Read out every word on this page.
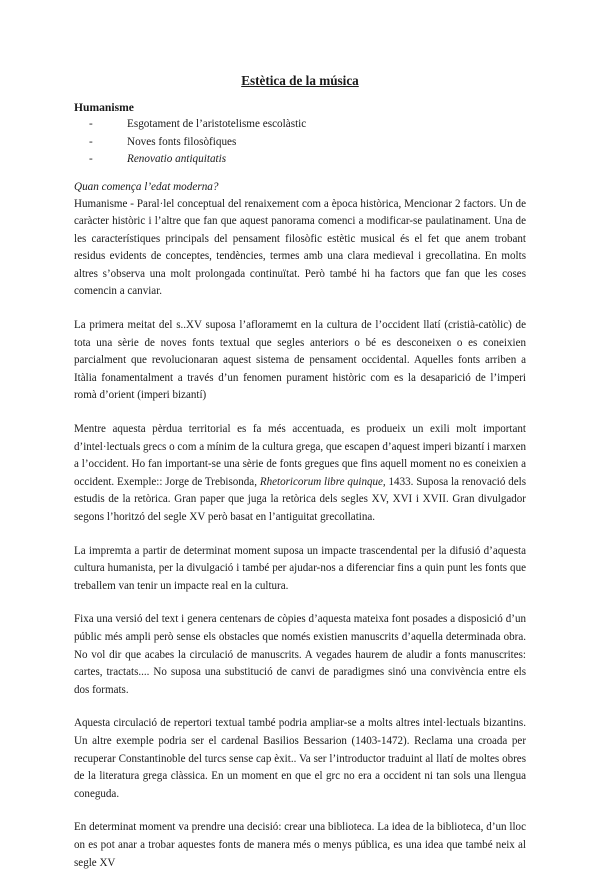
Estètica de la música
Humanisme
-	Esgotament de l’aristotelisme escolàstic
-	Noves fonts filosòfiques
-	Renovatio antiquitatis
Quan comença l’edat moderna?

Humanisme - Paral·lel conceptual del renaixement com a època històrica, Mencionar 2 factors. Un de caràcter històric i l’altre que fan que aquest panorama comenci a modificar-se paulatinament. Una de les característiques principals del pensament filosòfic estètic musical és el fet que anem trobant residus evidents de conceptes, tendències, termes amb una clara medieval i grecollatina. En molts altres s’observa una molt prolongada continuïtat. Però també hi ha factors que fan que les coses comencin a canviar.

La primera meitat del s..XV suposa l’afloramemt en la cultura de l’occident llatí (cristià-catòlic) de tota una sèrie de noves fonts textual que segles anteriors o bé es desconeixen o es coneixien parcialment que revolucionaran aquest sistema de pensament occidental. Aquelles fonts arriben a Itàlia fonamentalment a través d’un fenomen purament històric com es la desaparició de l’imperi romà d’orient (imperi bizantí)

Mentre aquesta pèrdua territorial es fa més accentuada, es produeix un exili molt important d’intel·lectuals grecs o com a mínim de la cultura grega, que escapen d’aquest imperi bizantí i marxen a l’occident. Ho fan important-se una sèrie de fonts gregues que fins aquell moment no es coneixien a occident. Exemple:: Jorge de Trebisonda, Rhetoricorum libre quinque, 1433. Suposa la renovació dels estudis de la retòrica. Gran paper que juga la retòrica dels segles XV, XVI i XVII. Gran divulgador segons l’horitzó del segle XV però basat en l’antiguitat grecollatina.

La impremta a partir de determinat moment suposa un impacte trascendental per la difusió d’aquesta cultura humanista, per la divulgació i també per ajudar-nos a diferenciar fins a quin punt les fonts que treballem van tenir un impacte real en la cultura.

Fixa una versió del text i genera centenars de còpies d’aquesta mateixa font posades a disposició d’un públic més ampli però sense els obstacles que només existien manuscrits d’aquella determinada obra. No vol dir que acabes la circulació de manuscrits. A vegades haurem de aludir a fonts manuscrites: cartes, tractats.... No suposa una substitució de canvi de paradigmes sinó una convivència entre els dos formats.

Aquesta circulació de repertori textual també podria ampliar-se a molts altres intel·lectuals bizantins. Un altre exemple podria ser el cardenal Basilios Bessarion (1403-1472). Reclama una croada per recuperar Constantinoble del turcs sense cap èxit.. Va ser l’introductor traduint al llatí de moltes obres de la literatura grega clàssica. En un moment en que el grc no era a occident ni tan sols una llengua coneguda.

En determinat moment va prendre una decisió: crear una biblioteca. La idea de la biblioteca, d’un lloc on es pot anar a trobar aquestes fonts de manera més o menys pública, es una idea que també neix al segle XV
